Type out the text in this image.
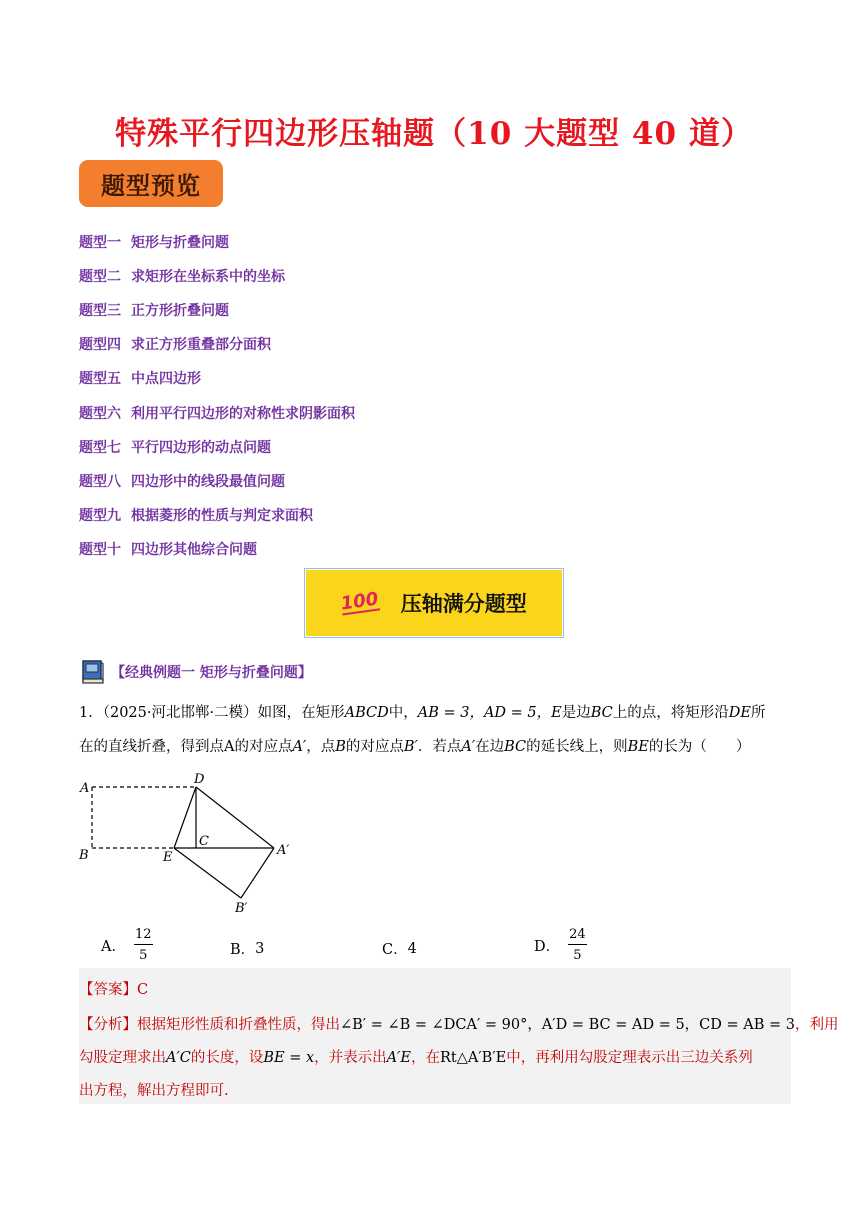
特殊平行四边形压轴题（10 大题型 40 道）
题型预览
题型一 矩形与折叠问题
题型二 求矩形在坐标系中的坐标
题型三 正方形折叠问题
题型四 求正方形重叠部分面积
题型五 中点四边形
题型六 利用平行四边形的对称性求阴影面积
题型七 平行四边形的动点问题
题型八 四边形中的线段最值问题
题型九 根据菱形的性质与判定求面积
题型十 四边形其他综合问题
100 压轴满分题型
【经典例题一 矩形与折叠问题】
1．（2025·河北邯郸·二模）如图，在矩形ABCD中，AB = 3，AD = 5，E是边BC上的点，将矩形沿DE所
在的直线折叠，得到点A的对应点A′，点B的对应点B′．若点A′在边BC的延长线上，则BE的长为（　　）
A
B
C
D
E	A′
B′
A． $\frac{12}{5}$	B． 3	C． 4	D． $\frac{24}{5}$
【答案】C
【分析】根据矩形性质和折叠性质，得出∠B′ = ∠B = ∠DCA′ = 90°，A′D = BC = AD = 5，CD = AB = 3，利用
勾股定理求出A′C的长度，设BE = x，并表示出A′E，在Rt△A′B′E中，再利用勾股定理表示出三边关系列
出方程，解出方程即可.
